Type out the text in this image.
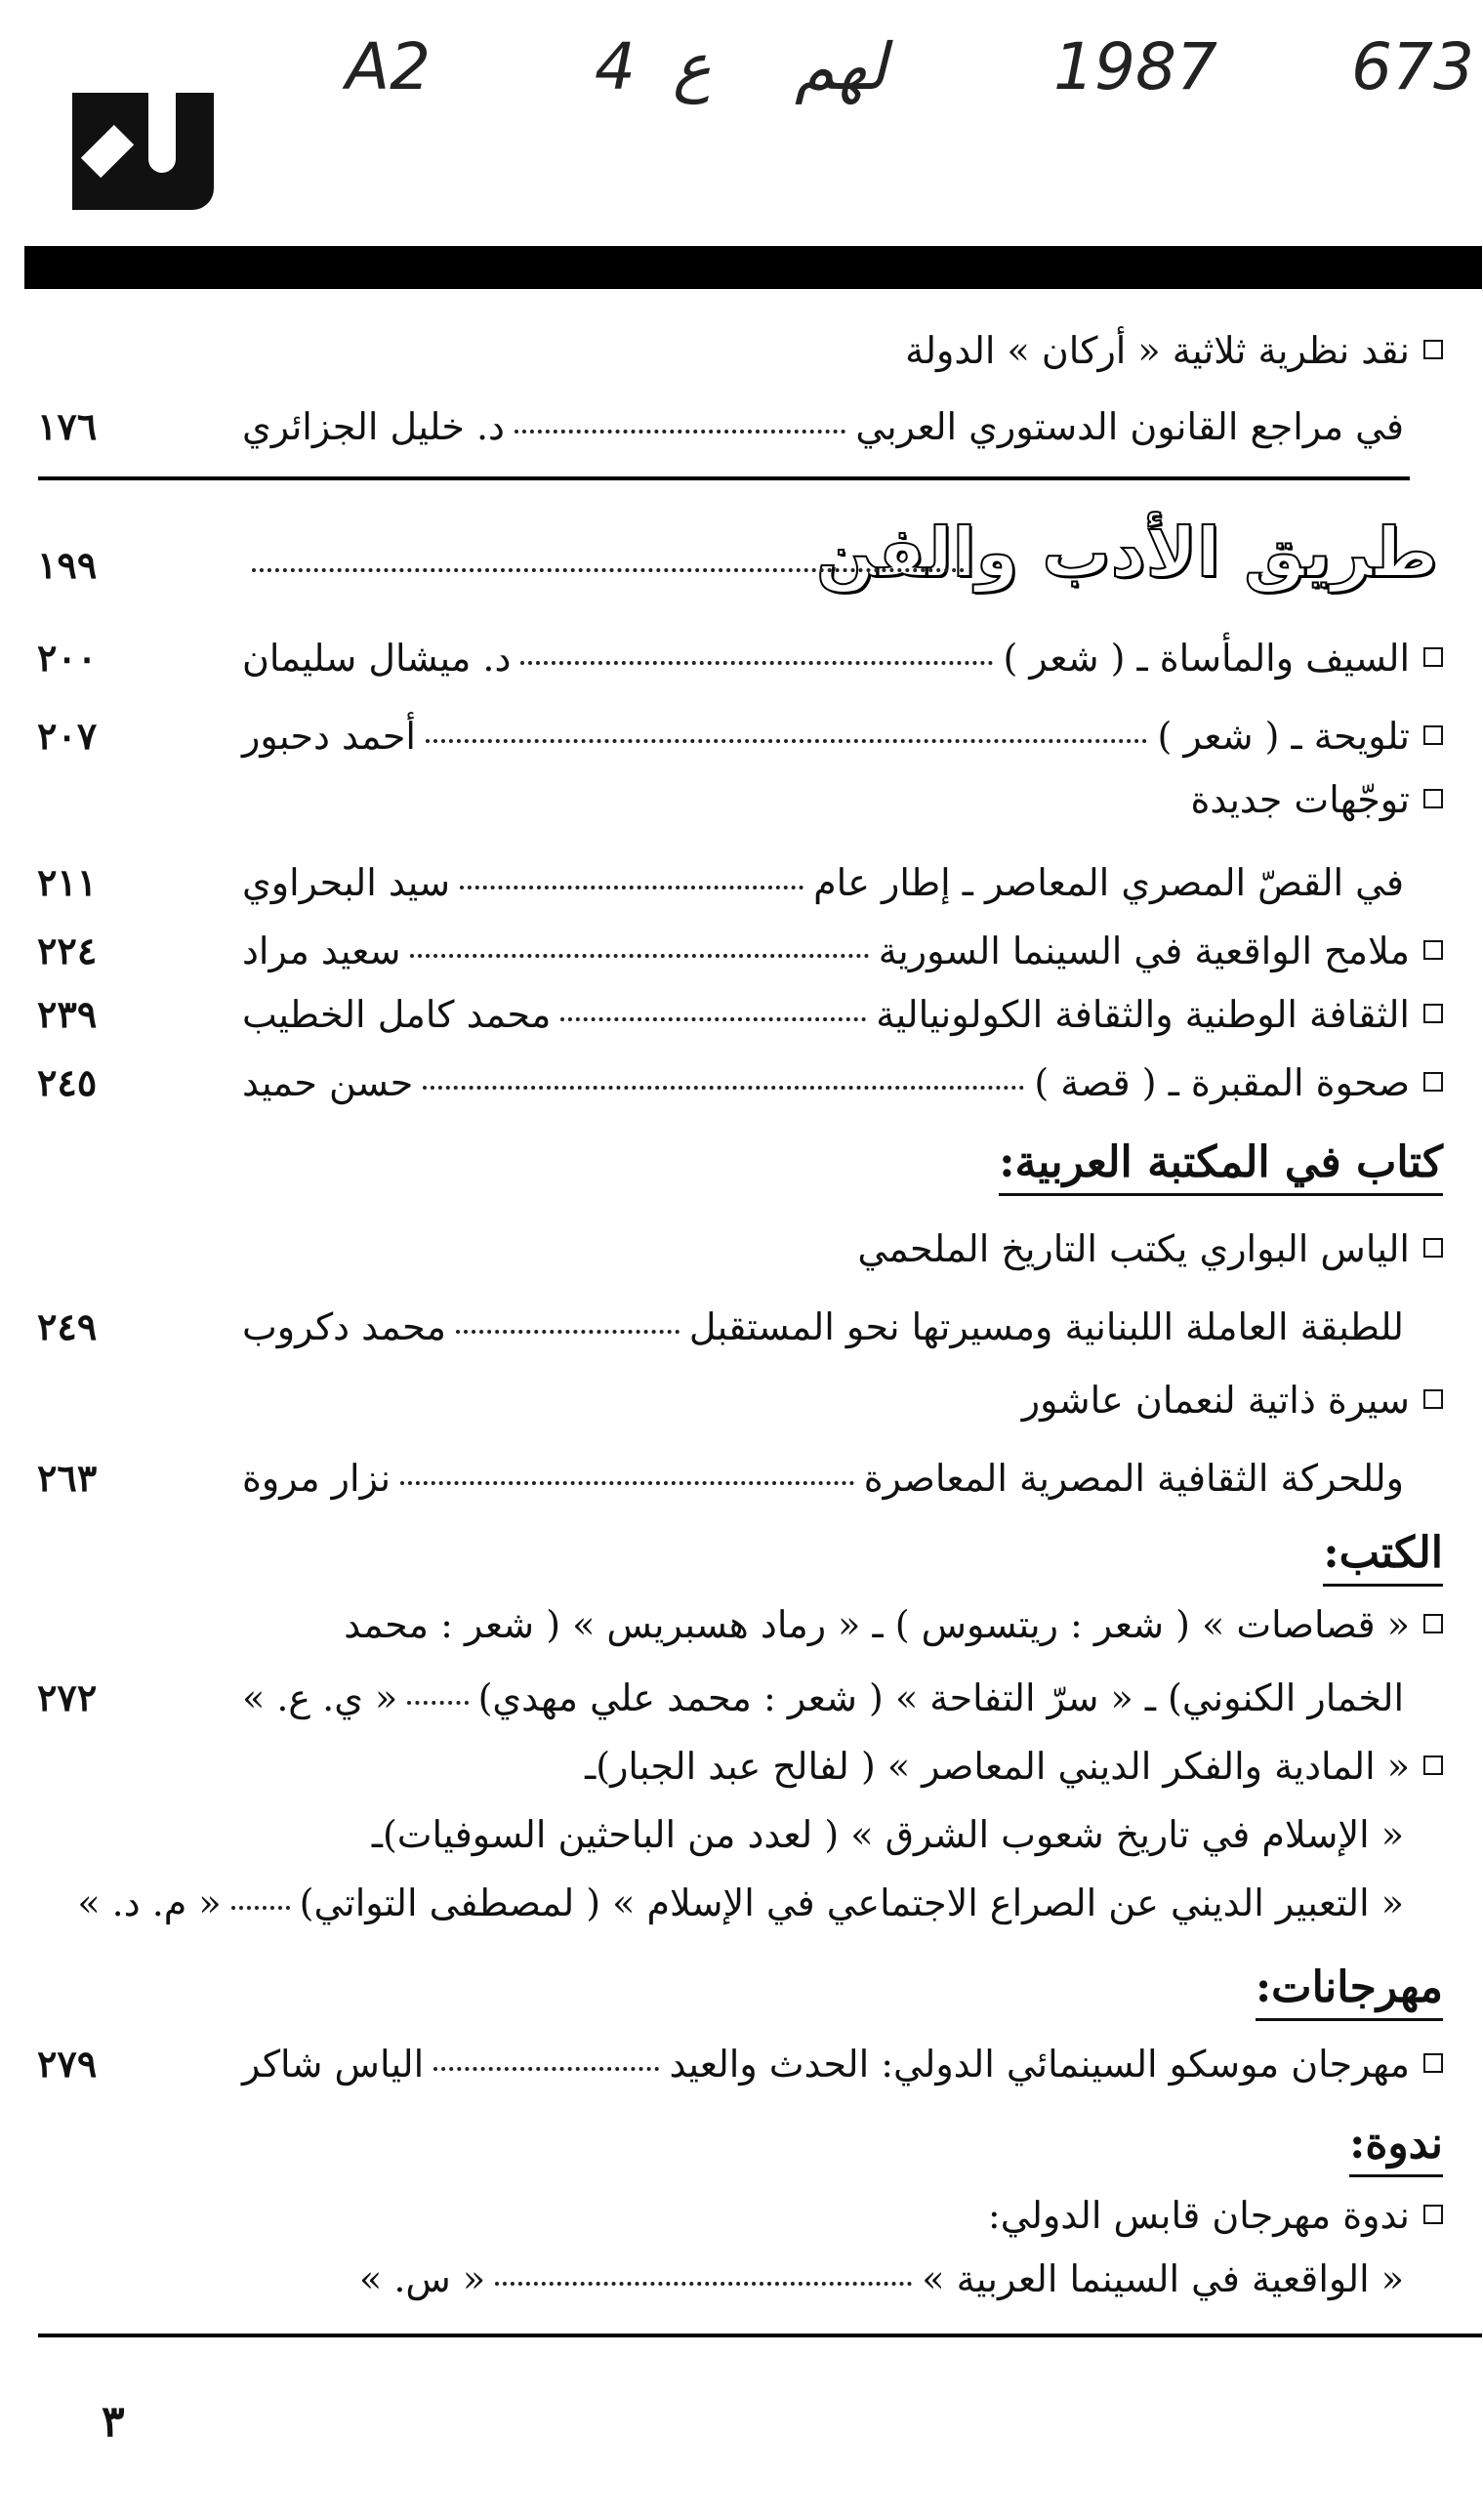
673
1987
لهم
ع
4
A2
نقد نظرية ثلاثية « أركان » الدولة
في مراجع القانون الدستوري العربي
د. خليل الجزائري
١٧٦
طريق الأدب والفن
١٩٩
السيف والمأساة ـ ( شعر )
د. ميشال سليمان
٢٠٠
تلويحة ـ ( شعر )
أحمد دحبور
٢٠٧
توجّهات جديدة
في القصّ المصري المعاصر ـ إطار عام
سيد البحراوي
٢١١
ملامح الواقعية في السينما السورية
سعيد مراد
٢٢٤
الثقافة الوطنية والثقافة الكولونيالية
محمد كامل الخطيب
٢٣٩
صحوة المقبرة ـ ( قصة )
حسن حميد
٢٤٥
كتاب في المكتبة العربية:
الياس البواري يكتب التاريخ الملحمي
للطبقة العاملة اللبنانية ومسيرتها نحو المستقبل
محمد دكروب
٢٤٩
سيرة ذاتية لنعمان عاشور
وللحركة الثقافية المصرية المعاصرة
نزار مروة
٢٦٣
الكتب:
« قصاصات » ( شعر : ريتسوس ) ـ « رماد هسبريس » ( شعر : محمد
الخمار الكنوني) ـ « سرّ التفاحة » ( شعر : محمد علي مهدي)
« ي. ع. »
٢٧٢
« المادية والفكر الديني المعاصر » ( لفالح عبد الجبار)ـ
« الإسلام في تاريخ شعوب الشرق » ( لعدد من الباحثين السوفيات)ـ
« التعبير الديني عن الصراع الاجتماعي في الإسلام » ( لمصطفى التواتي)
« م. د. »
مهرجانات:
مهرجان موسكو السينمائي الدولي: الحدث والعيد
الياس شاكر
٢٧٩
ندوة:
ندوة مهرجان قابس الدولي:
« الواقعية في السينما العربية »
« س. »
٣
